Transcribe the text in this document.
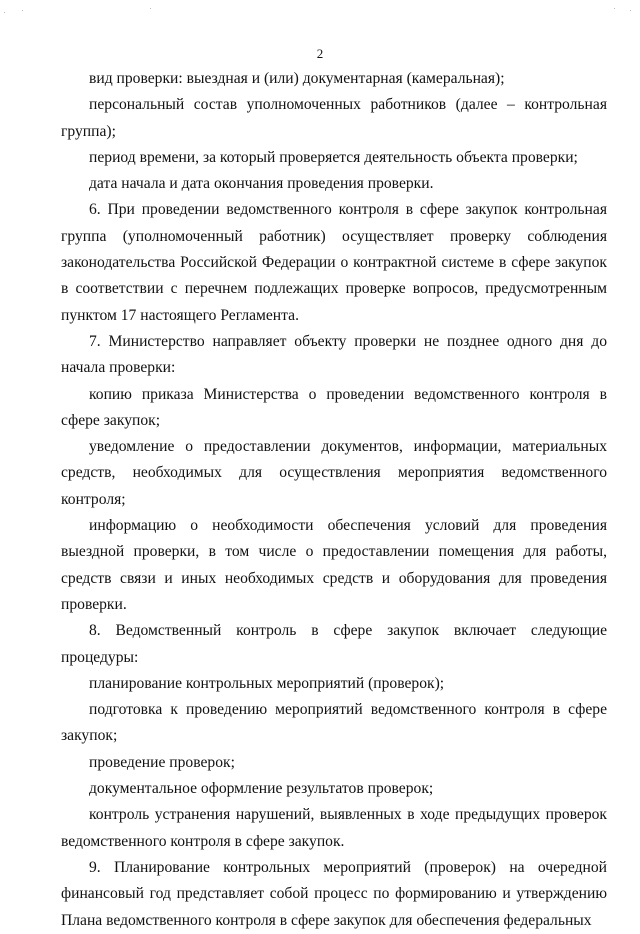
2

вид проверки: выездная и (или) документарная (камеральная);

персональный состав уполномоченных работников (далее – контрольная группа);

период времени, за который проверяется деятельность объекта проверки;

дата начала и дата окончания проведения проверки.

6. При проведении ведомственного контроля в сфере закупок контрольная группа (уполномоченный работник) осуществляет проверку соблюдения законодательства Российской Федерации о контрактной системе в сфере закупок в соответствии с перечнем подлежащих проверке вопросов, предусмотренным пунктом 17 настоящего Регламента.

7. Министерство направляет объекту проверки не позднее одного дня до начала проверки:

копию приказа Министерства о проведении ведомственного контроля в сфере закупок;

уведомление о предоставлении документов, информации, материальных средств, необходимых для осуществления мероприятия ведомственного контроля;

информацию о необходимости обеспечения условий для проведения выездной проверки, в том числе о предоставлении помещения для работы, средств связи и иных необходимых средств и оборудования для проведения проверки.

8. Ведомственный контроль в сфере закупок включает следующие процедуры:

планирование контрольных мероприятий (проверок);

подготовка к проведению мероприятий ведомственного контроля в сфере закупок;

проведение проверок;

документальное оформление результатов проверок;

контроль устранения нарушений, выявленных в ходе предыдущих проверок ведомственного контроля в сфере закупок.

9. Планирование контрольных мероприятий (проверок) на очередной финансовый год представляет собой процесс по формированию и утверждению Плана ведомственного контроля в сфере закупок для обеспечения федеральных
